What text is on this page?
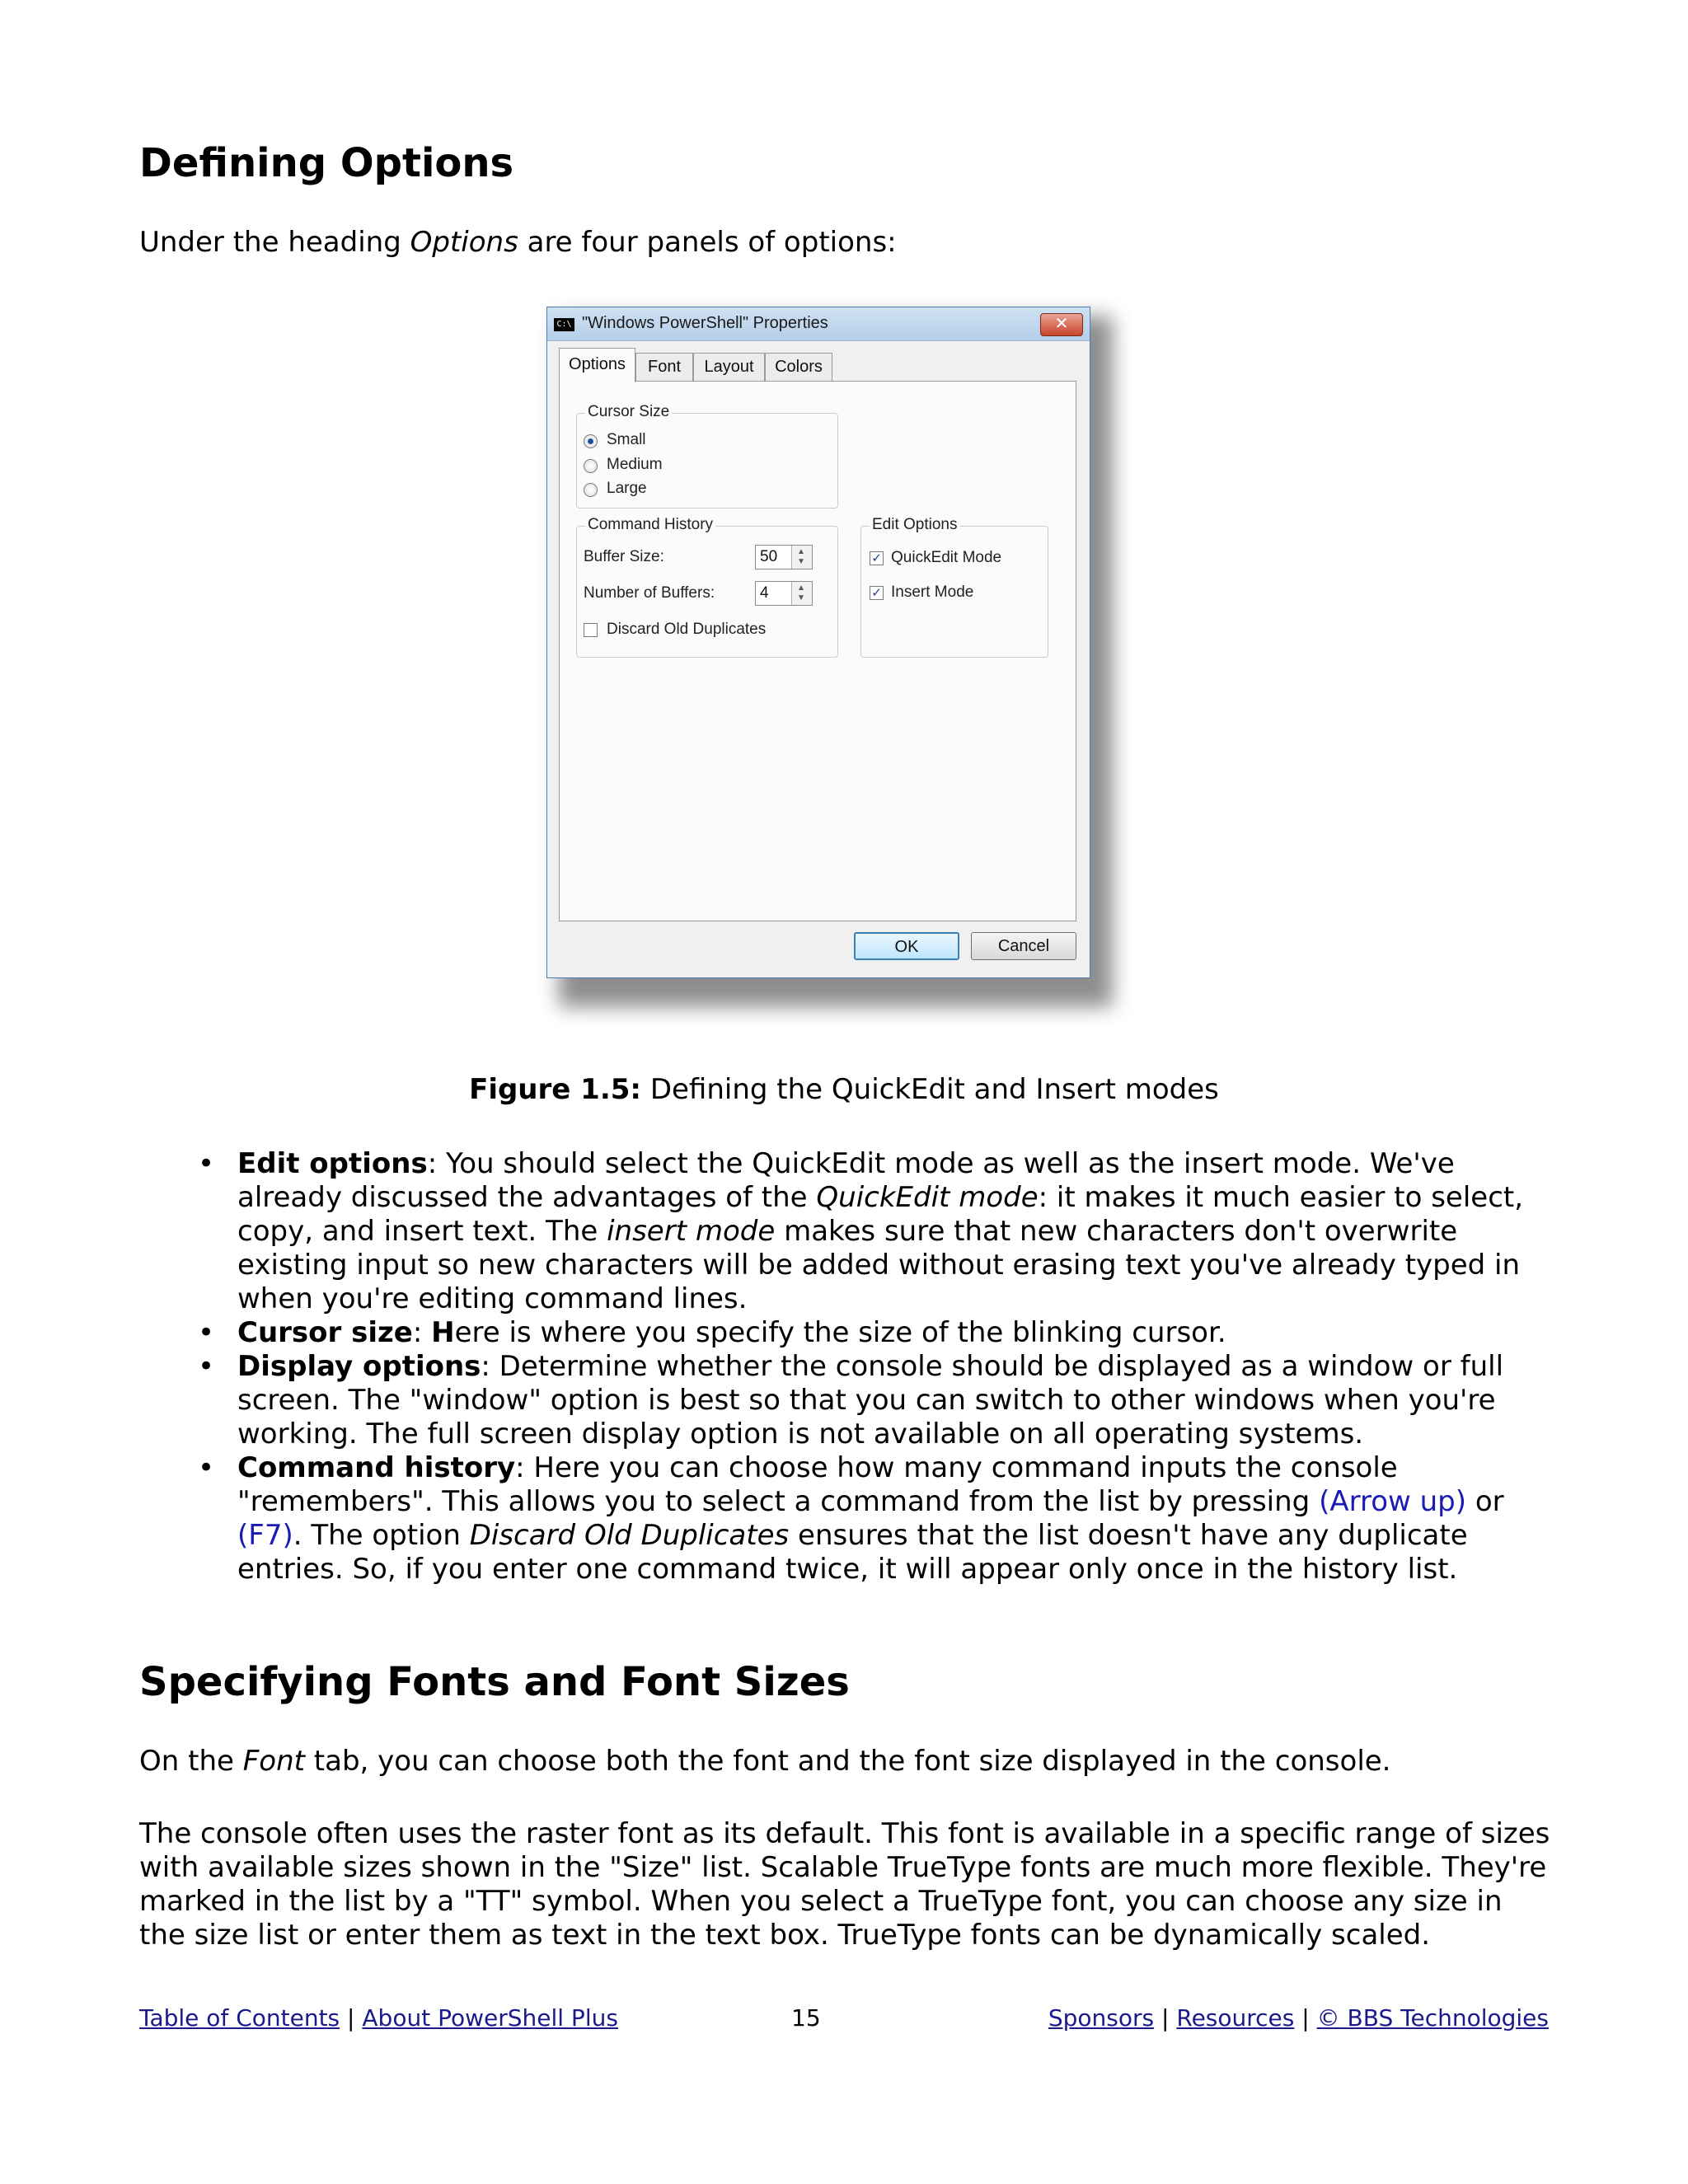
Defining Options

Under the heading Options are four panels of options:

C:\ "Windows PowerShell" Properties	✕
Options	Font	Layout	Colors
Cursor Size
Small
Medium
Large
Command History
Buffer Size:	50 ▲
▼
Number of Buffers:	4	▲
▼
Discard Old Duplicates
Edit Options
✓ QuickEdit Mode
✓ Insert Mode
OK	Cancel
Figure 1.5: Defining the QuickEdit and Insert modes
• Edit options: You should select the QuickEdit mode as well as the insert mode. We've already discussed the advantages of the QuickEdit mode: it makes it much easier to select, copy, and insert text. The insert mode makes sure that new characters don't overwrite existing input so new characters will be added without erasing text you've already typed in when you're editing command lines.
• Cursor size: Here is where you specify the size of the blinking cursor.
• Display options: Determine whether the console should be displayed as a window or full screen. The "window" option is best so that you can switch to other windows when you're working. The full screen display option is not available on all operating systems.
• Command history: Here you can choose how many command inputs the console "remembers". This allows you to select a command from the list by pressing (Arrow up) or (F7). The option Discard Old Duplicates ensures that the list doesn't have any duplicate entries. So, if you enter one command twice, it will appear only once in the history list.
Specifying Fonts and Font Sizes

On the Font tab, you can choose both the font and the font size displayed in the console.

The console often uses the raster font as its default. This font is available in a specific range of sizes with available sizes shown in the "Size" list. Scalable TrueType fonts are much more flexible. They're marked in the list by a "TT" symbol. When you select a TrueType font, you can choose any size in the size list or enter them as text in the text box. TrueType fonts can be dynamically scaled.

Table of Contents | About PowerShell Plus	15	Sponsors | Resources | © BBS Technologies
